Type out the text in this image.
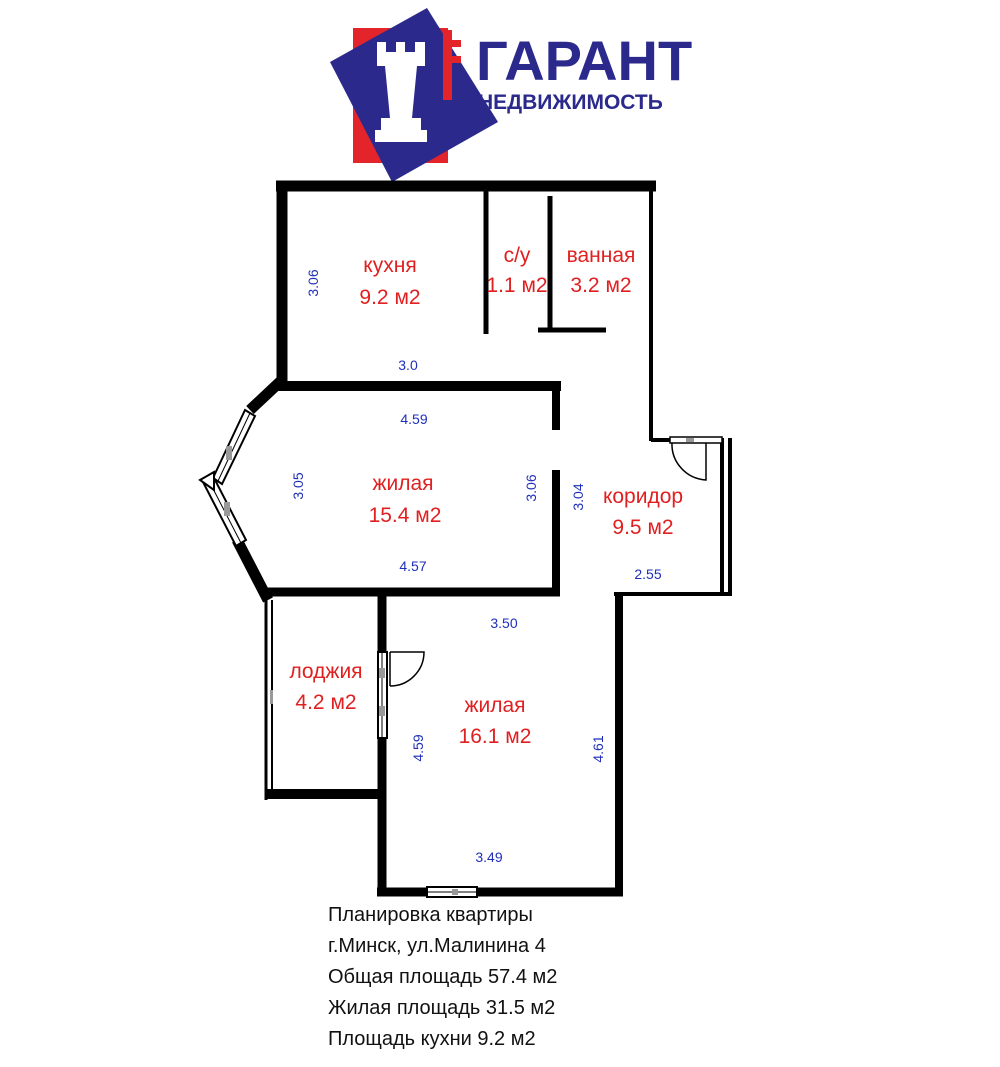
ГАРАНТ
НЕДВИЖИМОСТЬ
кухня
9.2 м2
с/у
1.1 м2
ванная
3.2 м2
жилая
15.4 м2
коридор
9.5 м2
лоджия
4.2 м2	жилая
16.1 м2
3.06
3.0
4.59
3.05	3.06
4.57
3.04
2.55
3.50
4.59	4.61
3.49
Планировка квартиры
г.Минск, ул.Малинина 4
Общая площадь 57.4 м2
Жилая площадь 31.5 м2
Площадь кухни 9.2 м2
